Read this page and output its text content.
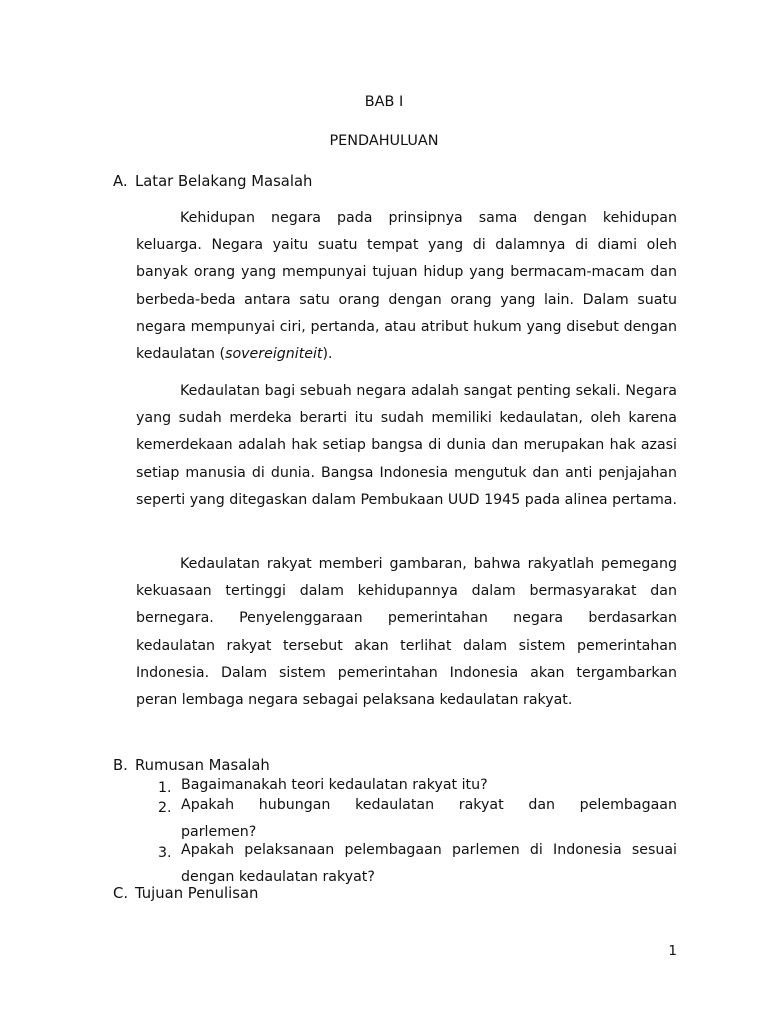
BAB I
PENDAHULUAN
A. Latar Belakang Masalah

Kehidupan negara pada prinsipnya sama dengan kehidupan keluarga. Negara yaitu suatu tempat yang di dalamnya di diami oleh banyak orang yang mempunyai tujuan hidup yang bermacam-macam dan berbeda-beda antara satu orang dengan orang yang lain. Dalam suatu negara mempunyai ciri, pertanda, atau atribut hukum yang disebut dengan kedaulatan (sovereigniteit).

Kedaulatan bagi sebuah negara adalah sangat penting sekali. Negara yang sudah merdeka berarti itu sudah memiliki kedaulatan, oleh karena kemerdekaan adalah hak setiap bangsa di dunia dan merupakan hak azasi setiap manusia di dunia. Bangsa Indonesia mengutuk dan anti penjajahan seperti yang ditegaskan dalam Pembukaan UUD 1945 pada alinea pertama.

Kedaulatan rakyat memberi gambaran, bahwa rakyatlah pemegang kekuasaan tertinggi dalam kehidupannya dalam bermasyarakat dan bernegara. Penyelenggaraan pemerintahan negara berdasarkan kedaulatan rakyat tersebut akan terlihat dalam sistem pemerintahan Indonesia. Dalam sistem pemerintahan Indonesia akan tergambarkan peran lembaga negara sebagai pelaksana kedaulatan rakyat.

B. Rumusan Masalah
1. Bagaimanakah teori kedaulatan rakyat itu?
2. Apakah hubungan kedaulatan rakyat dan pelembagaan
parlemen?
3. Apakah pelaksanaan pelembagaan parlemen di Indonesia sesuai
dengan kedaulatan rakyat?
C. Tujuan Penulisan
1
